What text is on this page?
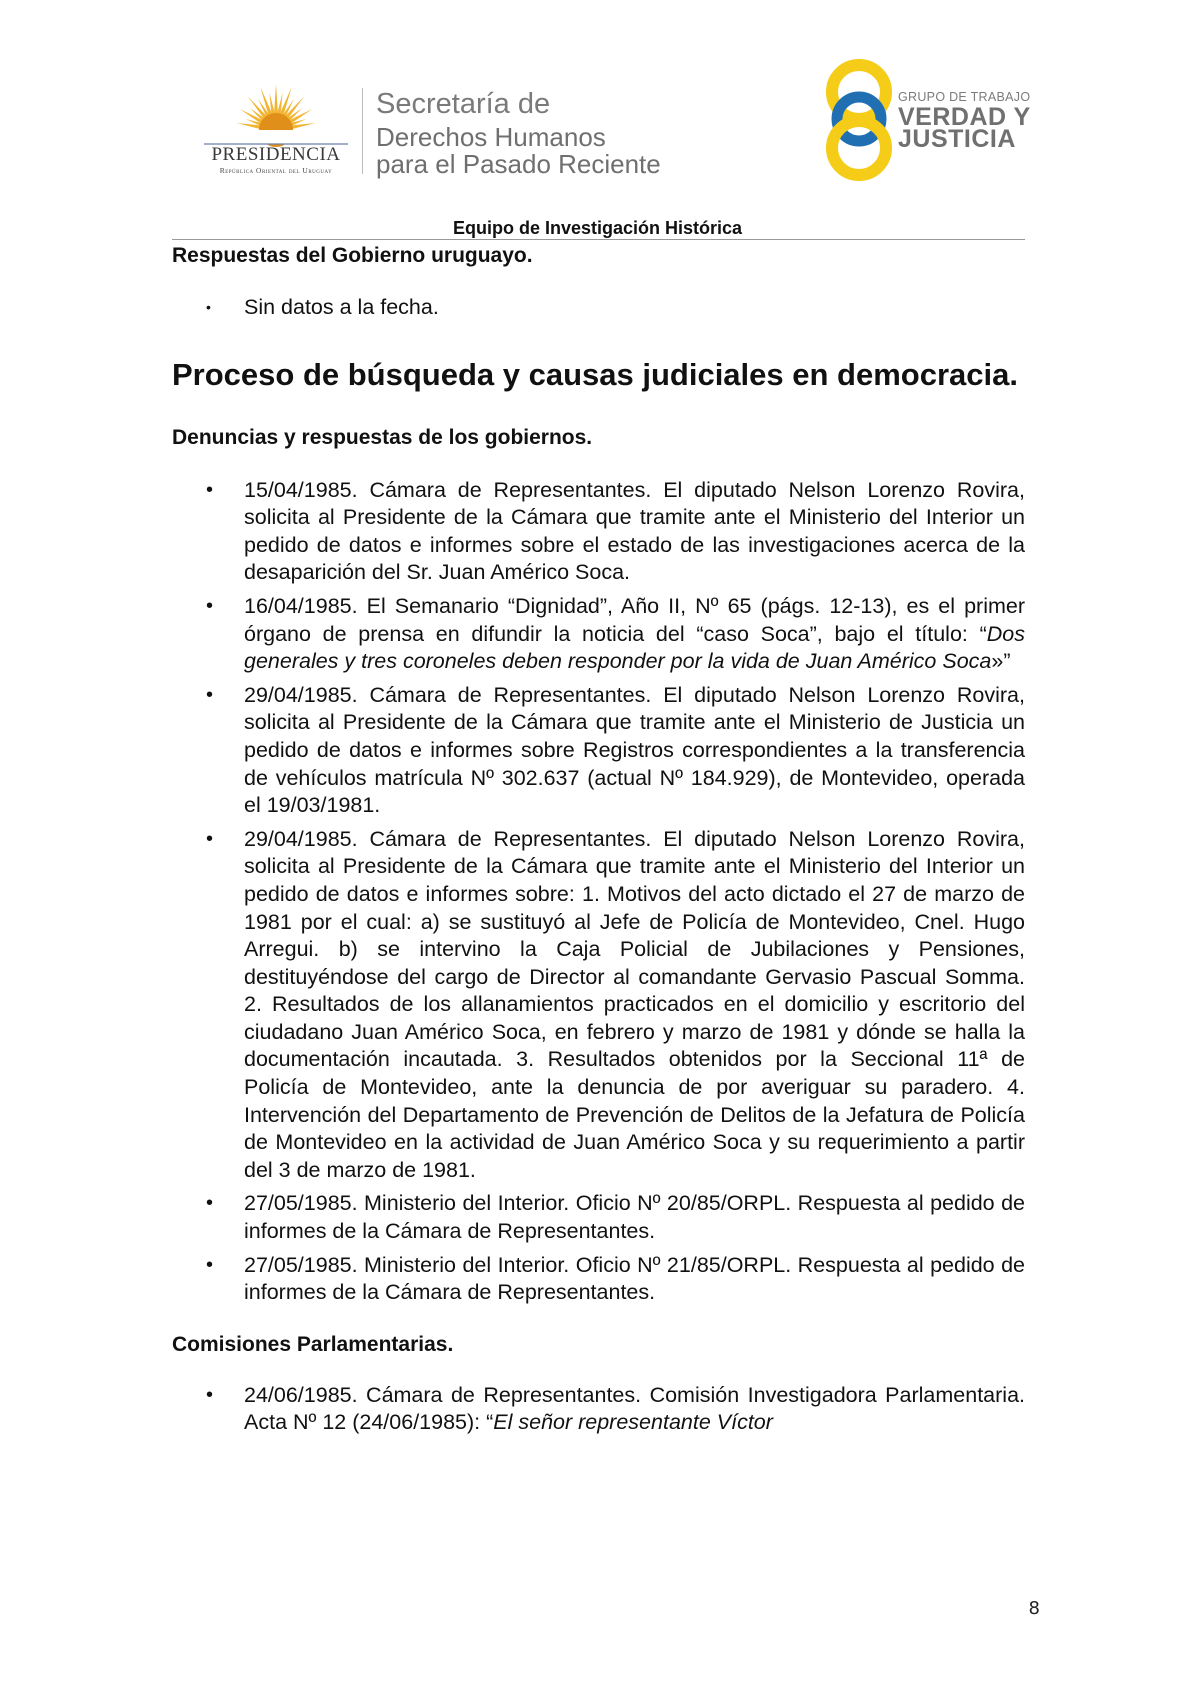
PRESIDENCIA
República Oriental del Uruguay
Secretaría de
Derechos Humanos
para el Pasado Reciente
GRUPO DE TRABAJO
VERDAD Y
JUSTICIA
Equipo de Investigación Histórica

Respuestas del Gobierno uruguayo.

• Sin datos a la fecha.

Proceso de búsqueda y causas judiciales en democracia.

Denuncias y respuestas de los gobiernos.

• 15/04/1985. Cámara de Representantes. El diputado Nelson Lorenzo Rovira, solicita al Presidente de la Cámara que tramite ante el Ministerio del Interior un pedido de datos e informes sobre el estado de las investigaciones acerca de la desaparición del Sr. Juan Américo Soca.
• 16/04/1985. El Semanario “Dignidad”, Año II, Nº 65 (págs. 12-13), es el primer órgano de prensa en difundir la noticia del “caso Soca”, bajo el título: “Dos generales y tres coroneles deben responder por la vida de Juan Américo Soca»”
• 29/04/1985. Cámara de Representantes. El diputado Nelson Lorenzo Rovira, solicita al Presidente de la Cámara que tramite ante el Ministerio de Justicia un pedido de datos e informes sobre Registros correspondientes a la transferencia de vehículos matrícula Nº 302.637 (actual Nº 184.929), de Montevideo, operada el 19/03/1981.
• 29/04/1985. Cámara de Representantes. El diputado Nelson Lorenzo Rovira, solicita al Presidente de la Cámara que tramite ante el Ministerio del Interior un pedido de datos e informes sobre: 1. Motivos del acto dictado el 27 de marzo de 1981 por el cual: a) se sustituyó al Jefe de Policía de Montevideo, Cnel. Hugo Arregui. b) se intervino la Caja Policial de Jubilaciones y Pensiones, destituyéndose del cargo de Director al comandante Gervasio Pascual Somma. 2. Resultados de los allanamientos practicados en el domicilio y escritorio del ciudadano Juan Américo Soca, en febrero y marzo de 1981 y dónde se halla la documentación incautada. 3. Resultados obtenidos por la Seccional 11ª de Policía de Montevideo, ante la denuncia de por averiguar su paradero. 4. Intervención del Departamento de Prevención de Delitos de la Jefatura de Policía de Montevideo en la actividad de Juan Américo Soca y su requerimiento a partir del 3 de marzo de 1981.
• 27/05/1985. Ministerio del Interior. Oficio Nº 20/85/ORPL. Respuesta al pedido de informes de la Cámara de Representantes.
• 27/05/1985. Ministerio del Interior. Oficio Nº 21/85/ORPL. Respuesta al pedido de informes de la Cámara de Representantes.

Comisiones Parlamentarias.

• 24/06/1985. Cámara de Representantes. Comisión Investigadora Parlamentaria. Acta Nº 12 (24/06/1985): “El señor representante Víctor
8
